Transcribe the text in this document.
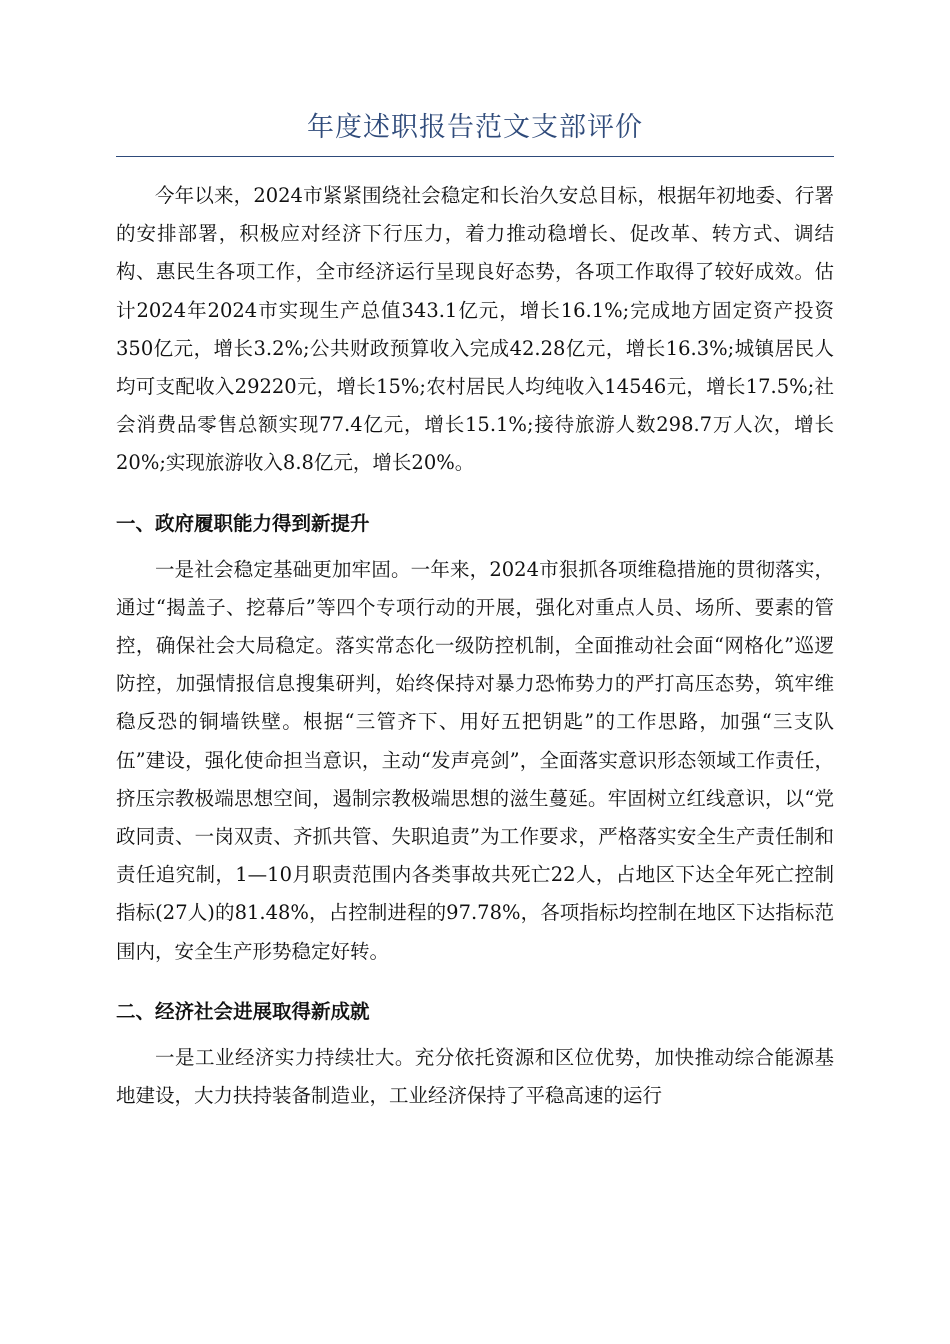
年度述职报告范文支部评价

今年以来，2024市紧紧围绕社会稳定和长治久安总目标，根据年初地委、行署的安排部署，积极应对经济下行压力，着力推动稳增长、促改革、转方式、调结构、惠民生各项工作，全市经济运行呈现良好态势，各项工作取得了较好成效。估计2024年2024市实现生产总值343.1亿元，增长16.1%;完成地方固定资产投资350亿元，增长3.2%;公共财政预算收入完成42.28亿元，增长16.3%;城镇居民人均可支配收入29220元，增长15%;农村居民人均纯收入14546元，增长17.5%;社会消费品零售总额实现77.4亿元，增长15.1%;接待旅游人数298.7万人次，增长20%;实现旅游收入8.8亿元，增长20%。

一、政府履职能力得到新提升

一是社会稳定基础更加牢固。一年来，2024市狠抓各项维稳措施的贯彻落实，通过“揭盖子、挖幕后”等四个专项行动的开展，强化对重点人员、场所、要素的管控，确保社会大局稳定。落实常态化一级防控机制，全面推动社会面“网格化”巡逻防控，加强情报信息搜集研判，始终保持对暴力恐怖势力的严打高压态势，筑牢维稳反恐的铜墙铁壁。根据“三管齐下、用好五把钥匙”的工作思路，加强“三支队伍”建设，强化使命担当意识，主动“发声亮剑”，全面落实意识形态领域工作责任，挤压宗教极端思想空间，遏制宗教极端思想的滋生蔓延。牢固树立红线意识，以“党政同责、一岗双责、齐抓共管、失职追责”为工作要求，严格落实安全生产责任制和责任追究制，1—10月职责范围内各类事故共死亡22人，占地区下达全年死亡控制指标(27人)的81.48%，占控制进程的97.78%，各项指标均控制在地区下达指标范围内，安全生产形势稳定好转。

二、经济社会进展取得新成就

一是工业经济实力持续壮大。充分依托资源和区位优势，加快推动综合能源基地建设，大力扶持装备制造业，工业经济保持了平稳高速的运行
